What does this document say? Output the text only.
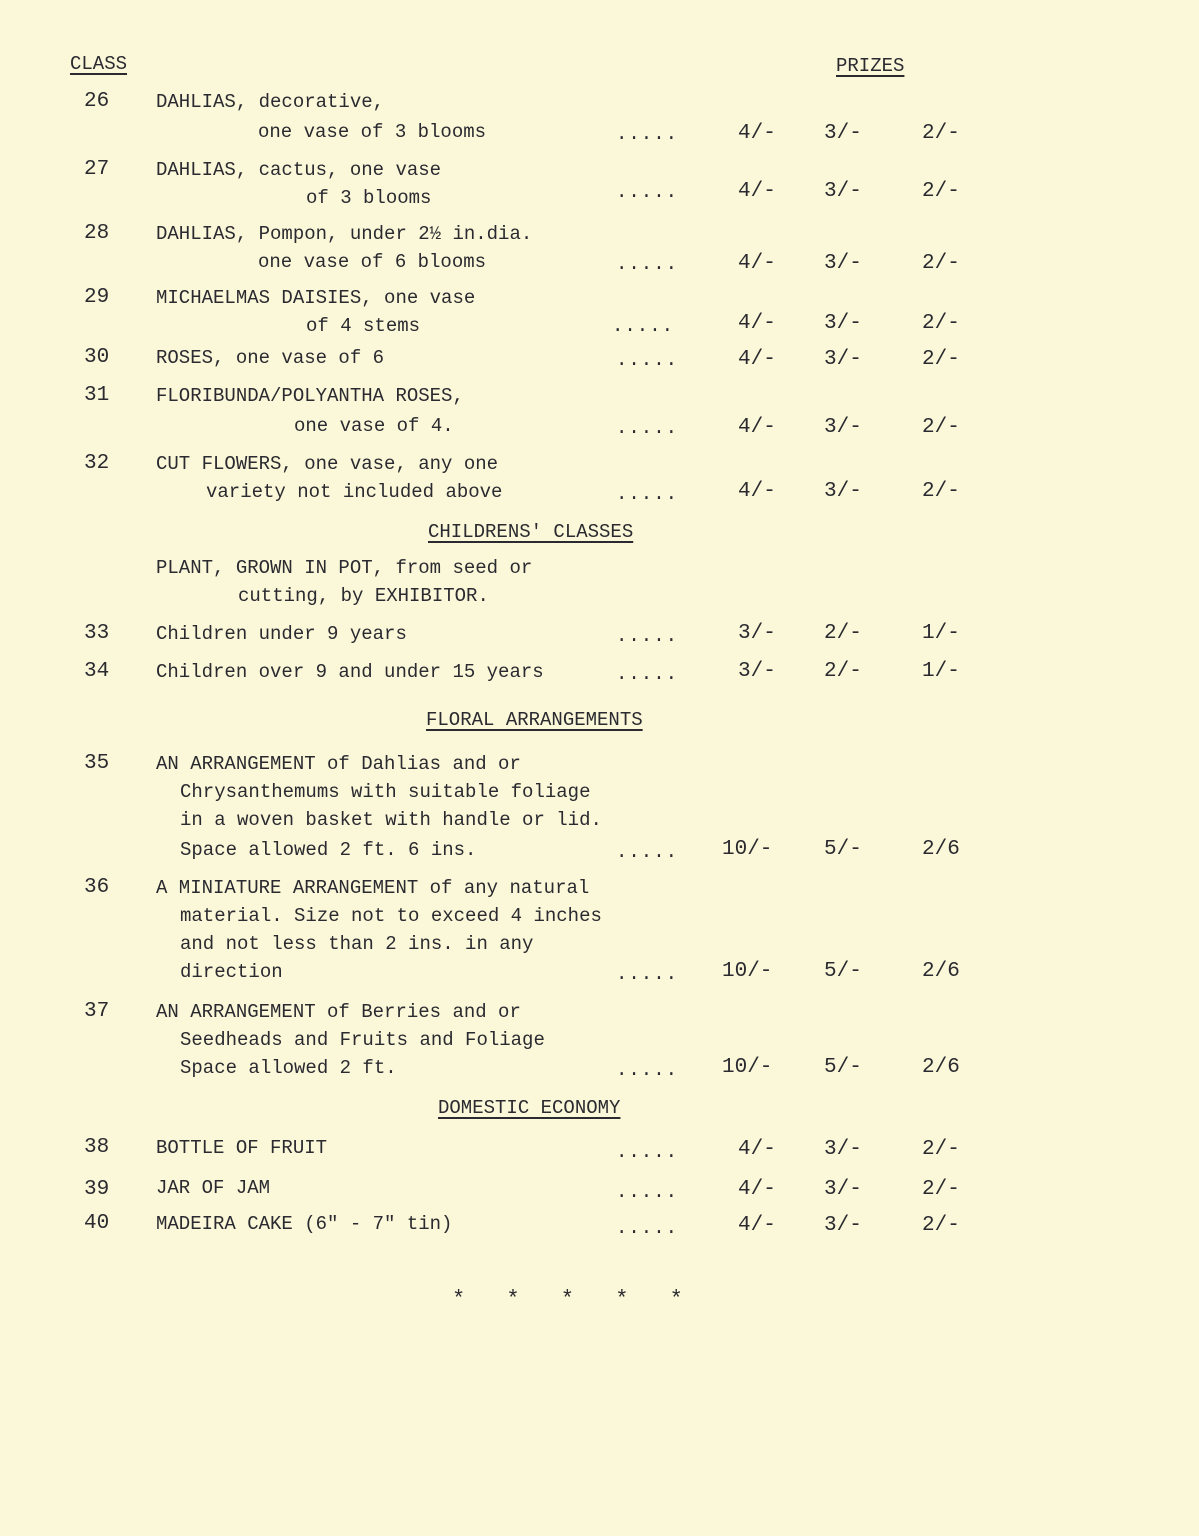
CLASS	PRIZES
26 DAHLIAS, decorative,
one vase of 3 blooms	.....	4/- 3/-	2/-
27 DAHLIAS, cactus, one vase
of 3 blooms	.....	4/- 3/-	2/-
28 DAHLIAS, Pompon, under 2½ in.dia.
one vase of 6 blooms	.....	4/- 3/-	2/-
29 MICHAELMAS DAISIES, one vase
of 4 stems	.....	4/- 3/-	2/-
30 ROSES, one vase of 6	.....	4/- 3/-	2/-
31 FLORIBUNDA/POLYANTHA ROSES,
one vase of 4.	.....	4/- 3/-	2/-
32 CUT FLOWERS, one vase, any one
variety not included above	.....	4/- 3/-	2/-
CHILDRENS' CLASSES
PLANT, GROWN IN POT, from seed or
cutting, by EXHIBITOR.
33 Children under 9 years	.....	3/- 2/-	1/-
34 Children over 9 and under 15 years	.....	3/- 2/-	1/-
FLORAL ARRANGEMENTS
35 AN ARRANGEMENT of Dahlias and or
Chrysanthemums with suitable foliage
in a woven basket with handle or lid.
Space allowed 2 ft. 6 ins.	..... 10/- 5/-	2/6
36 A MINIATURE ARRANGEMENT of any natural
material. Size not to exceed 4 inches
and not less than 2 ins. in any
direction	..... 10/- 5/-	2/6
37 AN ARRANGEMENT of Berries and or
Seedheads and Fruits and Foliage
Space allowed 2 ft.	..... 10/- 5/-	2/6
DOMESTIC ECONOMY
38 BOTTLE OF FRUIT	.....	4/- 3/-	2/-
39 JAR OF JAM	.....	4/- 3/-	2/-
40 MADEIRA CAKE (6" - 7" tin)	.....	4/- 3/-	2/-
* * * * *
